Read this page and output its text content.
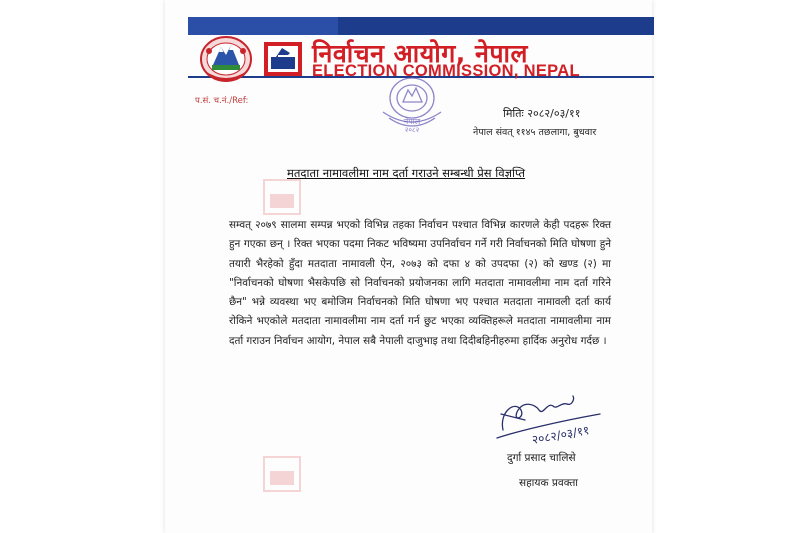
निर्वाचन आयोग, नेपाल
ELECTION COMMISSION, NEPAL
प.सं. च.नं./Ref:
नेपाल
२०८२
मितिः २०८२/०३/११
नेपाल संवत् ११४५ तछलागा, बुधवार
मतदाता नामावलीमा नाम दर्ता गराउने सम्बन्धी प्रेस विज्ञप्ति
सम्वत् २०७९ सालमा सम्पन्न भएको विभिन्न तहका निर्वाचन पश्चात विभिन्न कारणले केही पदहरू रिक्त हुन गएका छन् । रिक्त भएका पदमा निकट भविष्यमा उपनिर्वाचन गर्ने गरी निर्वाचनको मिति घोषणा हुने तयारी भैरहेको हुँदा मतदाता नामावली ऐन, २०७३ को दफा ४ को उपदफा (२) को खण्ड (२) मा "निर्वाचनको घोषणा भैसकेपछि सो निर्वाचनको प्रयोजनका लागि मतदाता नामावलीमा नाम दर्ता गरिने छैन" भन्ने व्यवस्था भए बमोजिम निर्वाचनको मिति घोषणा भए पश्चात मतदाता नामावली दर्ता कार्य रोकिने भएकोले मतदाता नामावलीमा नाम दर्ता गर्न छुट भएका व्यक्तिहरूले मतदाता नामावलीमा नाम दर्ता गराउन निर्वाचन आयोग, नेपाल सबै नेपाली दाजुभाइ तथा दिदीबहिनीहरुमा हार्दिक अनुरोध गर्दछ ।
२०८२/०३/११
दुर्गा प्रसाद चालिसे
सहायक प्रवक्ता
